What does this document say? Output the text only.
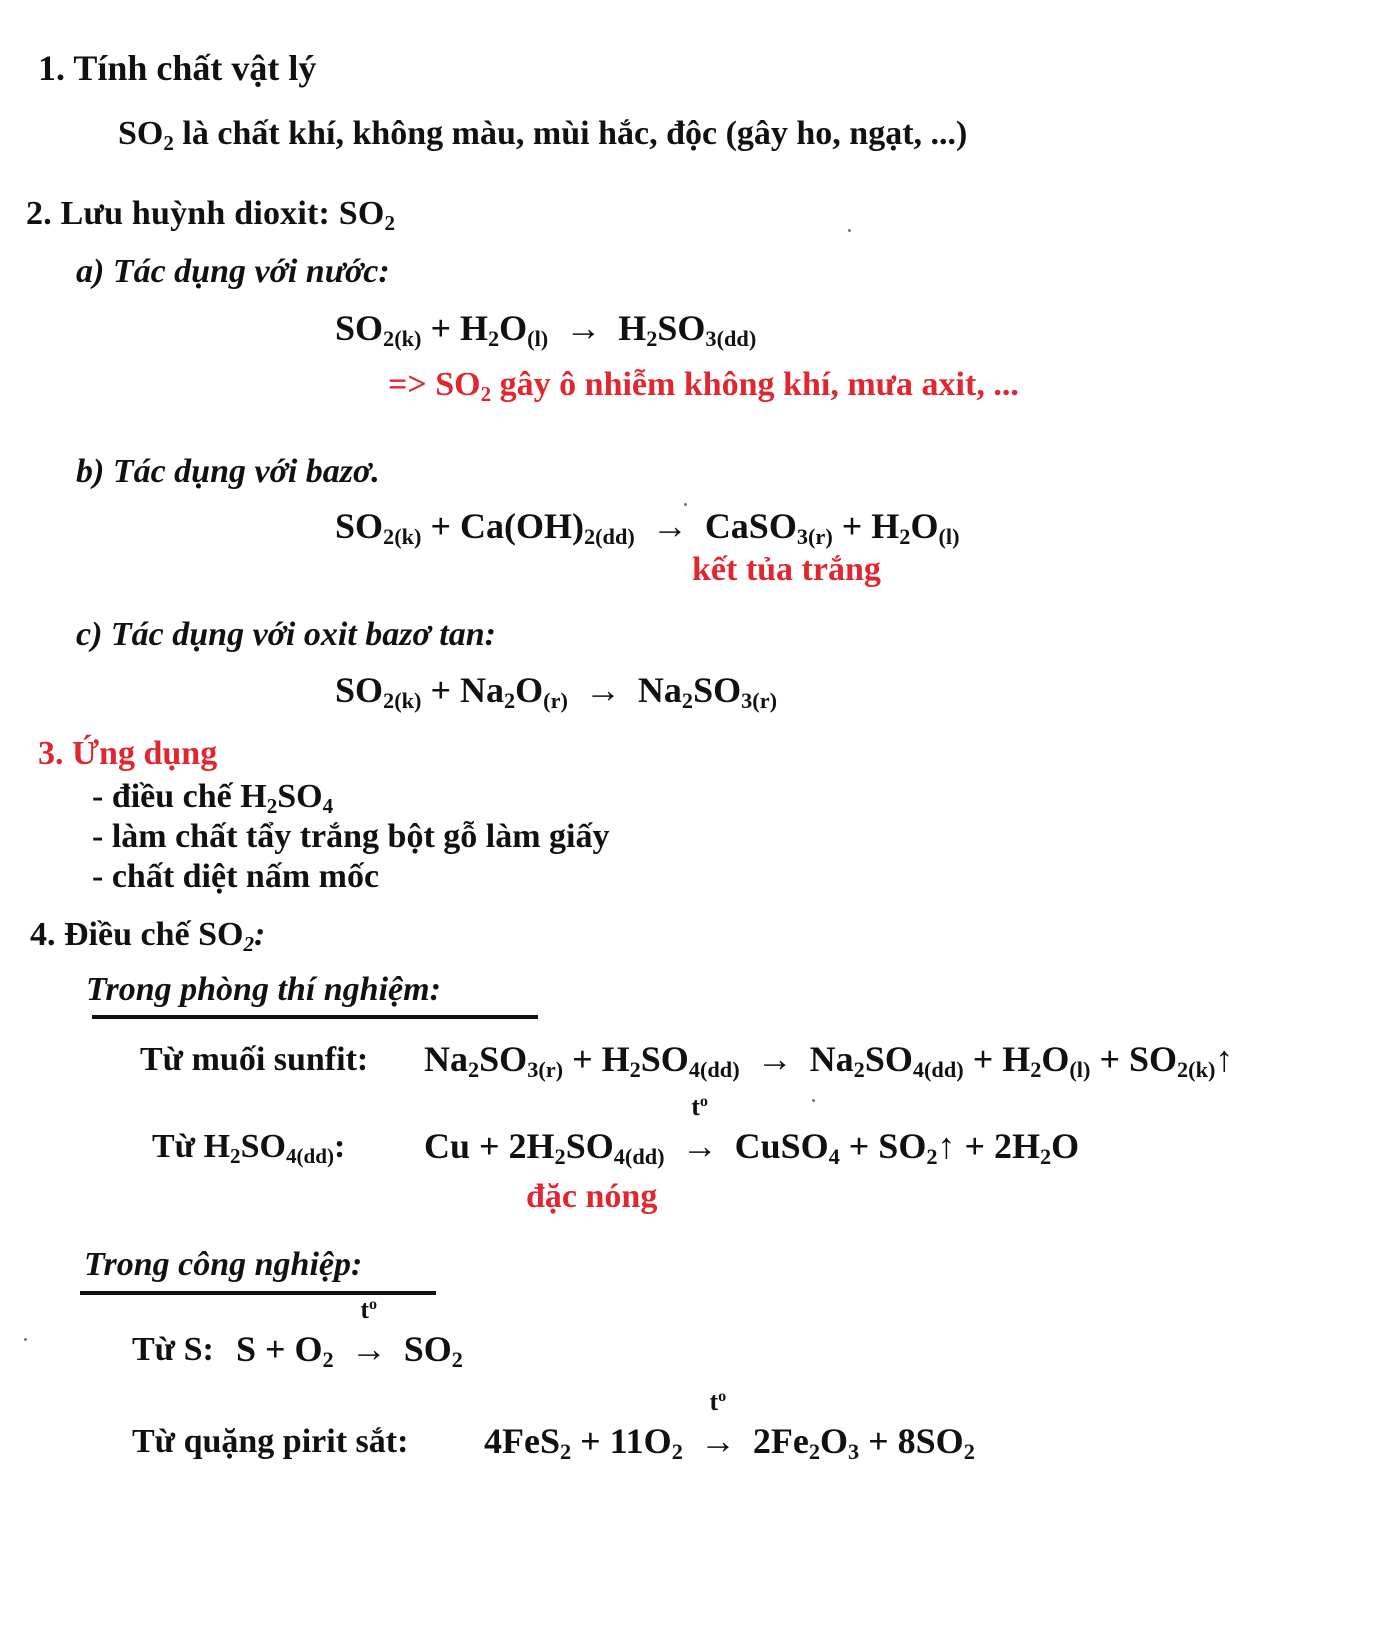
1. Tính chất vật lý
$SO_2$ là chất khí, không màu, mùi hắc, độc (gây ho, ngạt, ...)
2. Lưu huỳnh dioxit: $SO_2$
a) Tác dụng với nước:
$SO_{2(k)} + H_2O_{(l)} \to H_2SO_{3(dd)}$
=> $SO_2$ gây ô nhiễm không khí, mưa axit, ...
b) Tác dụng với bazơ.
$SO_{2(k)} + Ca(OH)_{2(dd)}$ → CaSO$_{3(r)}$ + $H_2O_{(l)}$
kết tủa trắng
c) Tác dụng với oxit bazơ tan:
$SO_{2(k)} + Na_2O_{(r)} \to Na_2SO_{3(r)}$
3. Ứng dụng
- điều chế $H_2SO_4$
- làm chất tẩy trắng bột gỗ làm giấy
- chất diệt nấm mốc
4. Điều chế $SO_2$:
Trong phòng thí nghiệm:
Từ muối sunfit: $Na_2SO_{3(r)} + H_2SO_{4(dd)} \to Na_2SO_{4(dd)} + H_2O_{(l)}$ + $SO_{2(k)}↑$
Từ $H_2SO_{4(dd)}$: $Cu + 2H_2SO_{4(dd)}$
$t^o$
→ CuSO$_4$ + $SO_2↑ + 2H_2O$
đặc nóng
Trong công nghiệp:
Từ S: $S + O_2$
$t^o$
→ $SO_2$
Từ quặng pirit sắt: $4FeS_2 + 11O_2$
$t^o$
→ $2Fe_2O_3 + 8SO_2$
